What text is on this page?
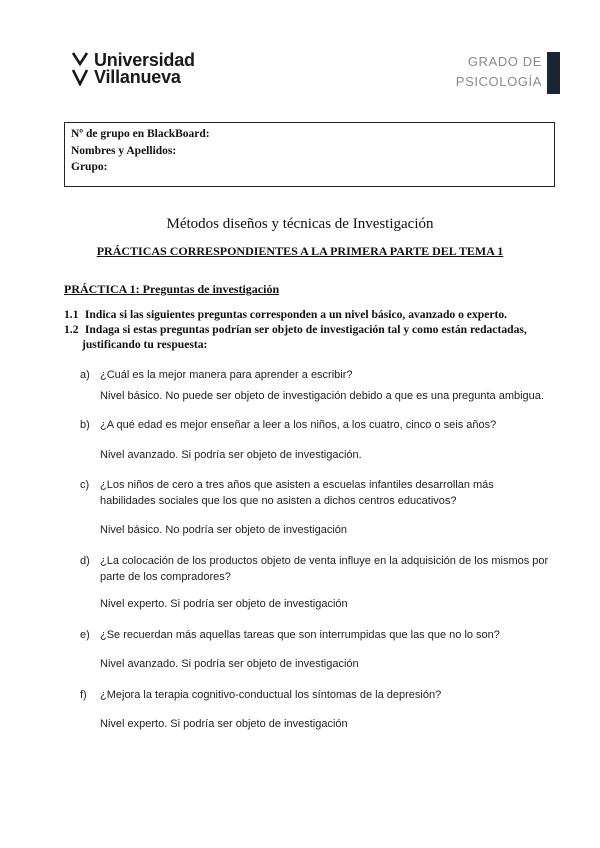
Universidad
Villanueva
GRADO DE
PSICOLOGÍA
Nº de grupo en BlackBoard:
Nombres y Apellidos:
Grupo:
Métodos diseños y técnicas de Investigación
PRÁCTICAS CORRESPONDIENTES A LA PRIMERA PARTE DEL TEMA 1
PRÁCTICA 1: Preguntas de investigación
1.1 Indica si las siguientes preguntas corresponden a un nivel básico, avanzado o experto.
1.2 Indaga si estas preguntas podrían ser objeto de investigación tal y como están redactadas,
justificando tu respuesta:
a) ¿Cuál es la mejor manera para aprender a escribir?
Nivel básico. No puede ser objeto de investigación debido a que es una pregunta ambigua.
b) ¿A qué edad es mejor enseñar a leer a los niños, a los cuatro, cinco o seis años?
Nivel avanzado. Si podría ser objeto de investigación.
c) ¿Los niños de cero a tres años que asisten a escuelas infantiles desarrollan más habilidades sociales que los que no asisten a dichos centros educativos?
Nivel básico. No podría ser objeto de investigación
d) ¿La colocación de los productos objeto de venta influye en la adquisición de los mismos por parte de los compradores?
Nivel experto. Si podría ser objeto de investigación
e) ¿Se recuerdan más aquellas tareas que son interrumpidas que las que no lo son?
Nivel avanzado. Si podría ser objeto de investigación
f) ¿Mejora la terapia cognitivo-conductual los síntomas de la depresión?
Nivel experto. Si podría ser objeto de investigación
